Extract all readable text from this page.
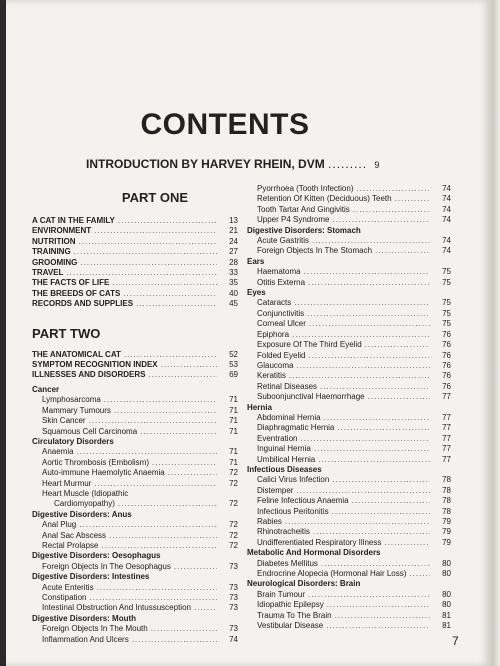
CONTENTS
INTRODUCTION BY HARVEY RHEIN, DVM ......... 9
PART ONE
A CAT IN THE FAMILY .....	13
ENVIRONMENT .....	21
NUTRITION .....	24
TRAINING .....	27
GROOMING .....	28
TRAVEL .....	33
THE FACTS OF LIFE .....	35
THE BREEDS OF CATS .....	40
RECORDS AND SUPPLIES .....	45
PART TWO
THE ANATOMICAL CAT .....	52
SYMPTOM RECOGNITION INDEX .....	53
ILLNESSES AND DISORDERS .....	69
Cancer
Lymphosarcoma .....	71
Mammary Tumours .....	71
Skin Cancer .....	71
Squamous Cell Carcinoma .....	71
Circulatory Disorders
Anaemia .....	71
Aortic Thrombosis (Embolism) .....	71
Auto-immune Haemolytic Anaemia .....	72
Heart Murmur .....	72
Heart Muscle (Idiopathic
Cardiomyopathy) .....	72
Digestive Disorders: Anus
Anal Plug .....	72
Anal Sac Abscess .....	72
Rectal Prolapse .....	72
Digestive Disorders: Oesophagus
Foreign Objects In The Oesophagus .....	73
Digestive Disorders: Intestines
Acute Enteritis .....	73
Constipation .....	73
Intestinal Obstruction And Intussusception .....	73
Digestive Disorders: Mouth
Foreign Objects In The Mouth .....	73
Inflammation And Ulcers .....	74
Pyorrhoea (Tooth Infection) .....	74
Retention Of Kitten (Deciduous) Teeth .....	74
Tooth Tartar And Gingivitis .....	74
Upper P4 Syndrome .....	74
Digestive Disorders: Stomach
Acute Gastritis .....	74
Foreign Objects In The Stomach .....	74
Ears
Haematoma .....	75
Otitis Externa .....	75
Eyes
Cataracts .....	75
Conjunctivitis .....	75
Corneal Ulcer .....	75
Epiphora .....	76
Exposure Of The Third Eyelid .....	76
Folded Eyelid .....	76
Glaucoma .....	76
Keratitis .....	76
Retinal Diseases .....	76
Suboonjunctival Haemorrhage .....	77
Hernia
Abdominal Hernia .....	77
Diaphragmatic Hernia .....	77
Eventration .....	77
Inguinal Hernia .....	77
Umbilical Hernia .....	77
Infectious Diseases
Calici Virus Infection .....	78
Distemper .....	78
Feline Infectious Anaemia .....	78
Infectious Peritonitis .....	78
Rabies .....	79
Rhinotracheitis .....	79
Undifferentiated Respiratory Illness .....	79
Metabolic And Hormonal Disorders
Diabetes Mellitus .....	80
Endrocrine Alopecia (Hormonal Hair Loss) .....	80
Neurological Disorders: Brain
Brain Tumour .....	80
Idiopathic Epilepsy .....	80
Trauma To The Brain .....	81
Vestibular Disease .....	81
7
